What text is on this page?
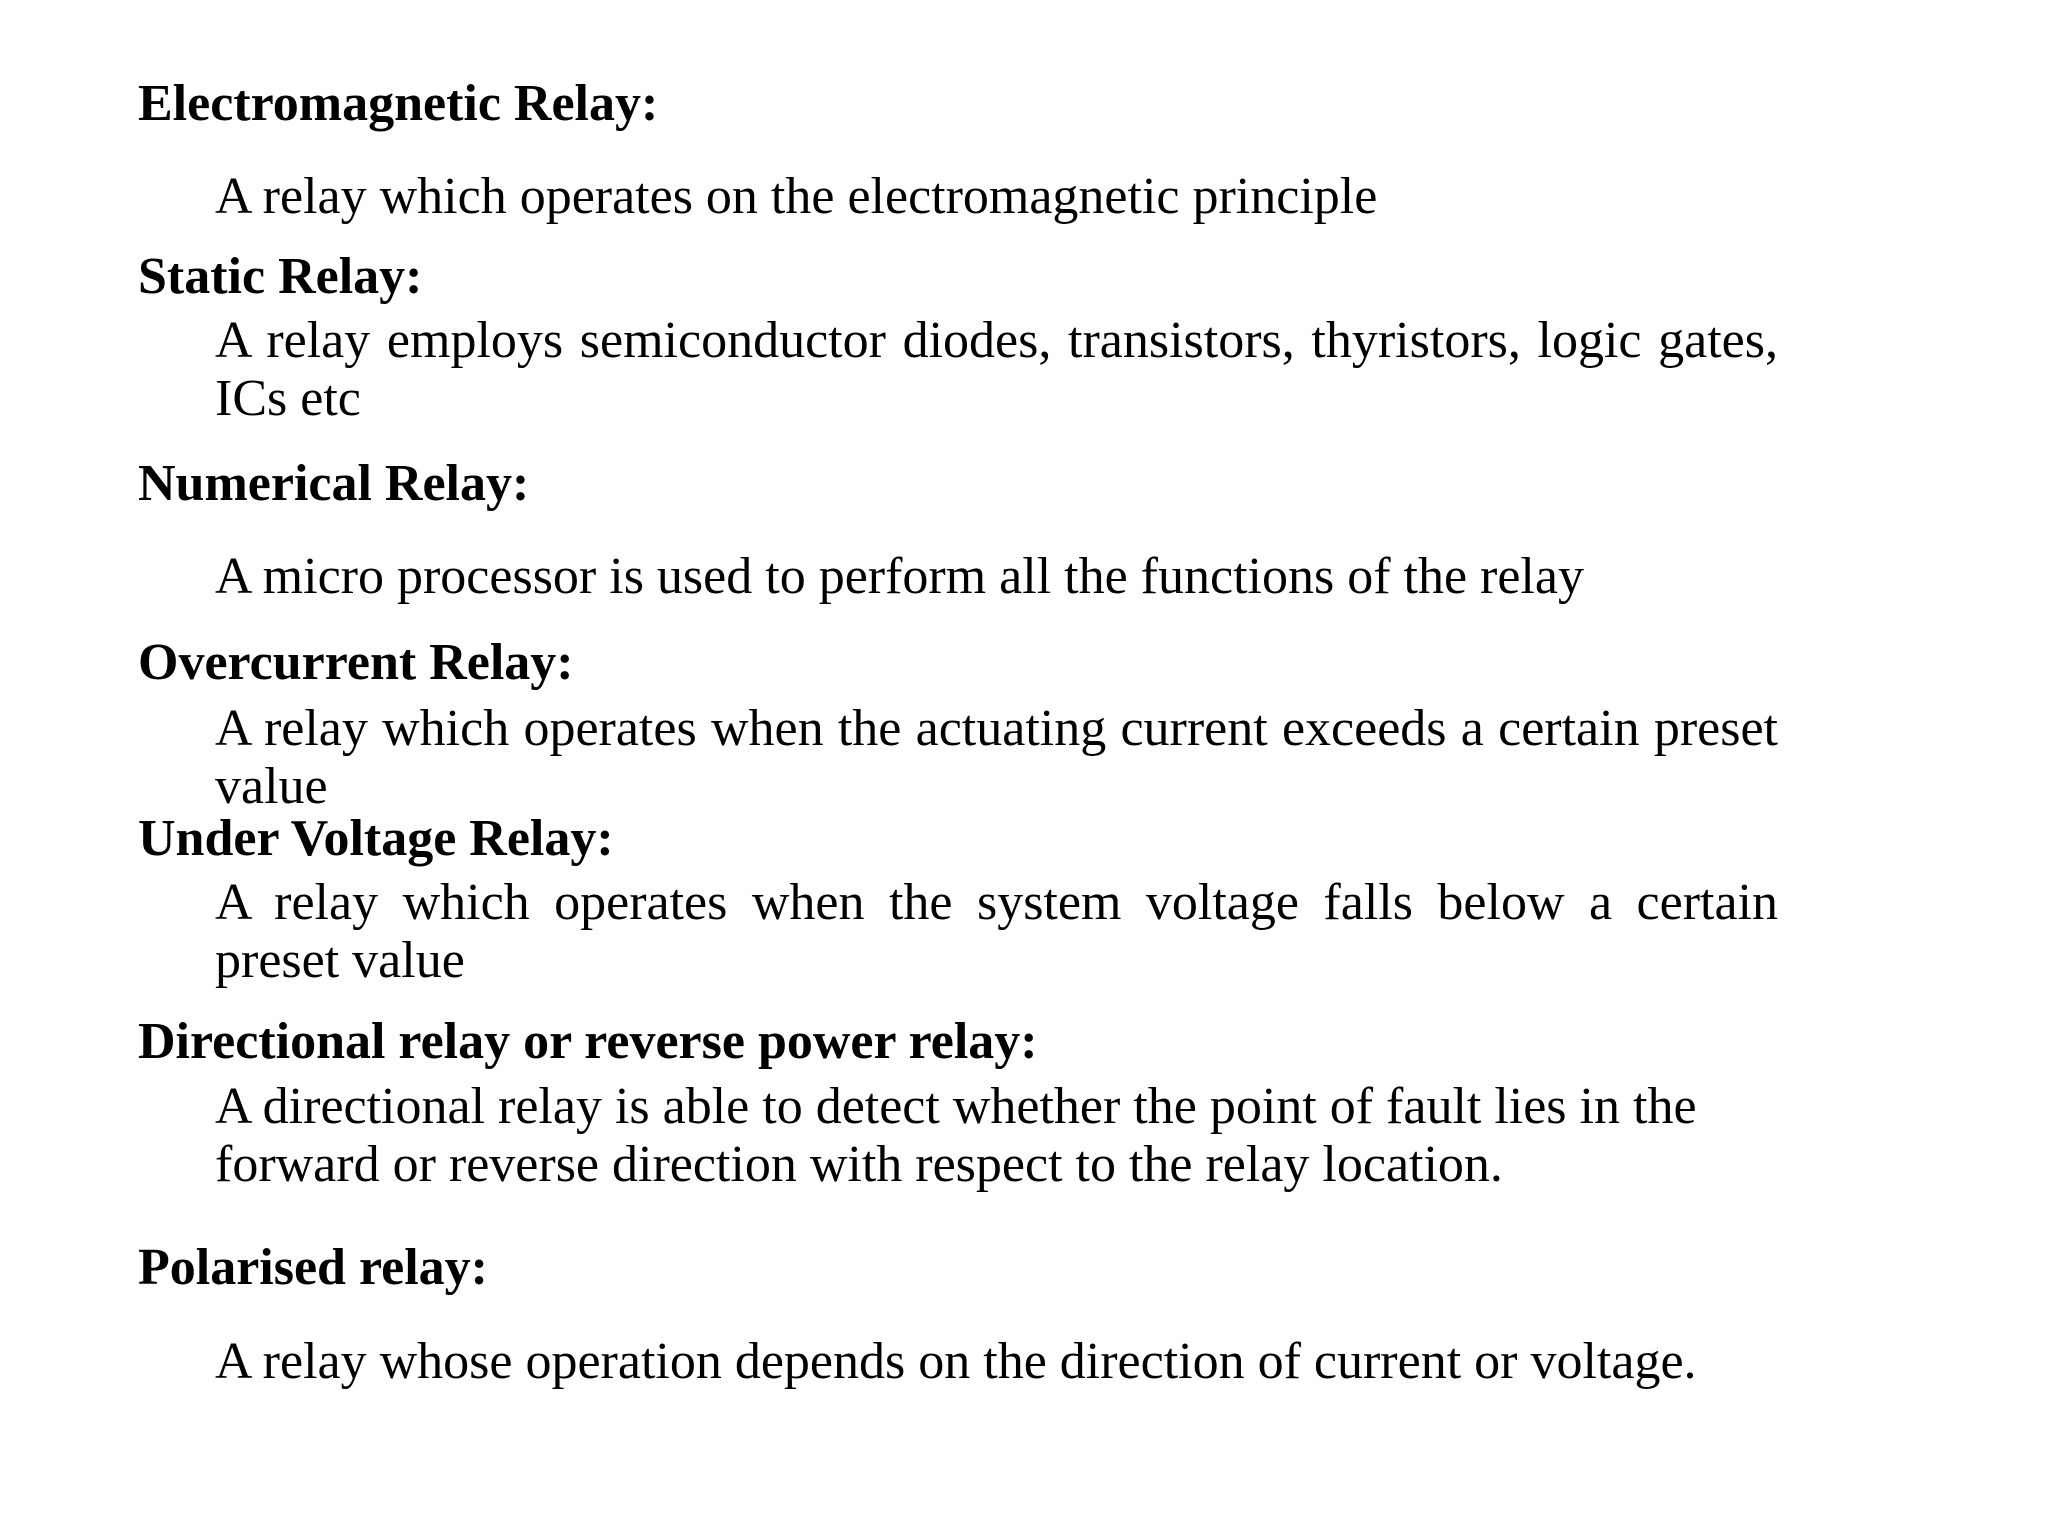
Electromagnetic Relay:
A relay which operates on the electromagnetic principle
Static Relay:
A relay employs semiconductor diodes, transistors, thyristors, logic gates, ICs etc
Numerical Relay:
A micro processor is used to perform all the functions of the relay
Overcurrent Relay:
A relay which operates when the actuating current exceeds a certain preset value
Under Voltage Relay:
A relay which operates when the system voltage falls below a certain preset value
Directional relay or reverse power relay:
A directional relay is able to detect whether the point of fault lies in the forward or reverse direction with respect to the relay location.
Polarised relay:
A relay whose operation depends on the direction of current or voltage.
